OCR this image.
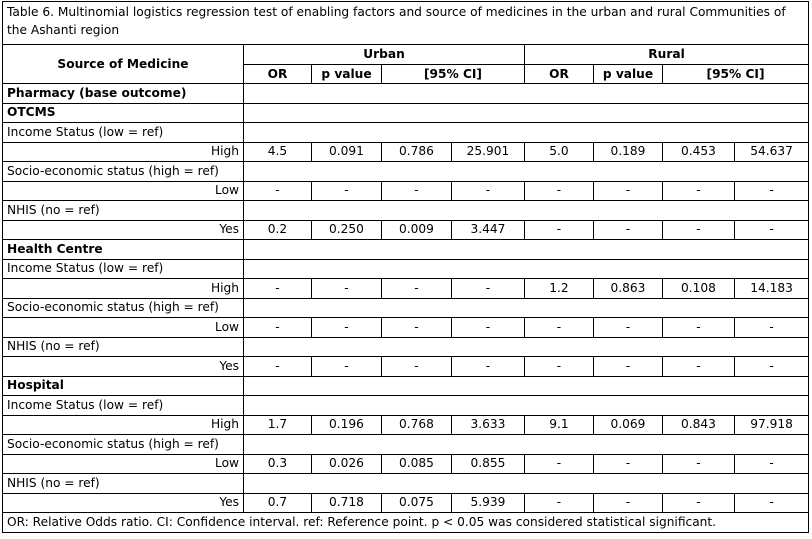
Table 6. Multinomial logistics regression test of enabling factors and source of medicines in the urban and rural Communities of the Ashanti region								
Source of Medicine	Urban				Rural			
	OR	p value	[95% CI]		OR	p value	[95% CI]	
Pharmacy (base outcome)								
OTCMS								
Income Status (low = ref)								
High	4.5	0.091	0.786	25.901	5.0	0.189	0.453	54.637
Socio-economic status (high = ref)								
Low	-	-	-	-	-	-	-	-
NHIS (no = ref)								
Yes	0.2	0.250	0.009	3.447	-	-	-	-
Health Centre								
Income Status (low = ref)								
High	-	-	-	-	1.2	0.863	0.108	14.183
Socio-economic status (high = ref)								
Low	-	-	-	-	-	-	-	-
NHIS (no = ref)								
Yes	-	-	-	-	-	-	-	-
Hospital								
Income Status (low = ref)								
High	1.7	0.196	0.768	3.633	9.1	0.069	0.843	97.918
Socio-economic status (high = ref)								
Low	0.3	0.026	0.085	0.855	-	-	-	-
NHIS (no = ref)								
Yes	0.7	0.718	0.075	5.939	-	-	-	-
OR: Relative Odds ratio. CI: Confidence interval. ref: Reference point. p < 0.05 was considered statistical significant.								
